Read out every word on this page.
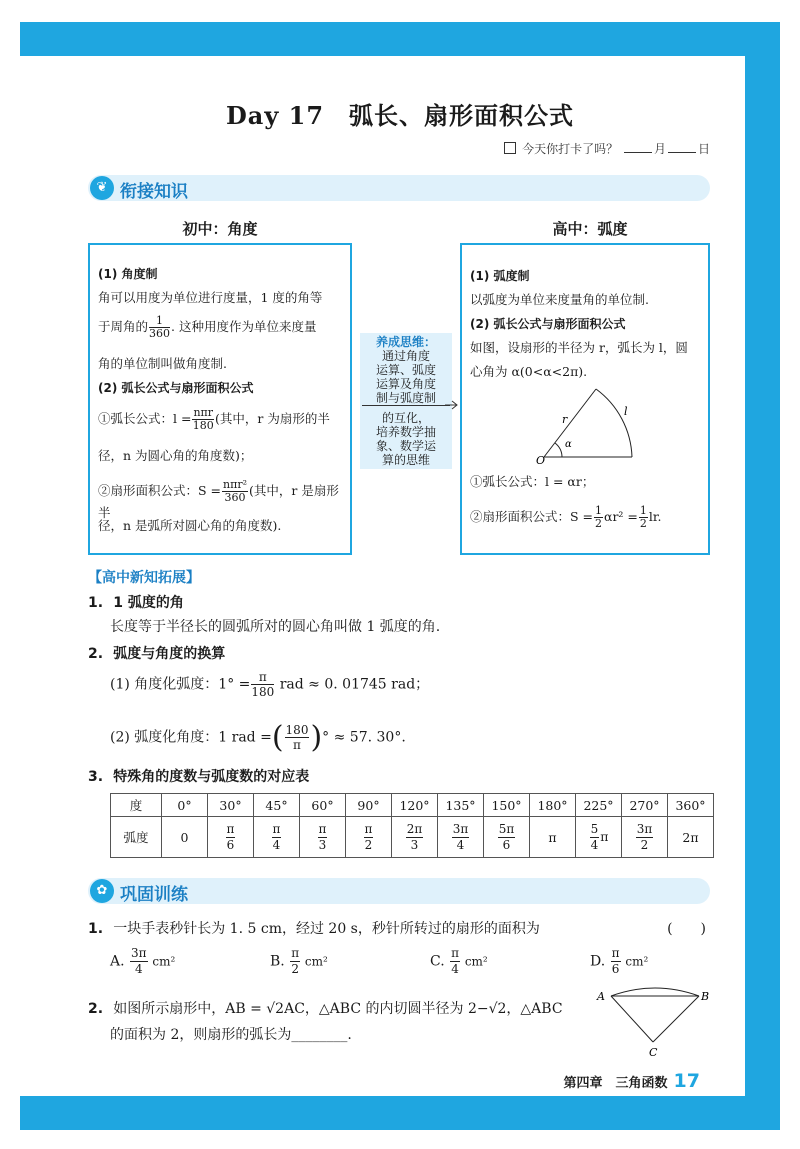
Day 17　弧长、扇形面积公式
今天你打卡了吗？	月	日
❦ 衔接知识
初中：角度	高中：弧度
(1) 角度制
角可以用度为单位进行度量，1 度的角等
于周角的 $\frac{1}{360}$ . 这种用度作为单位来度量
角的单位制叫做角度制.
(2) 弧长公式与扇形面积公式
①弧长公式：$l = \frac{\text{nπr}}{180}$ (其中，r 为扇形的半
径，n 为圆心角的角度数)；
②扇形面积公式：$S = \frac{\text{nπr²}}{360}$ (其中，r 是扇形半
径，n 是弧所对圆心角的角度数).
养成思维：
通过角度
运算、弧度
运算及角度
制与弧度制
的互化，
培养数学抽
象、数学运
算的思维
(1) 弧度制
以弧度为单位来度量角的单位制.
(2) 弧长公式与扇形面积公式
如图，设扇形的半径为 r，弧长为 l，圆
心角为 α(0<α<2π).
O
r
l
α
①弧长公式：l = αr；
②扇形面积公式：$S = \frac{1}{2} \alpha r^2 = \frac{1}{2}$ lr.
【高中新知拓展】
1. 1 弧度的角
长度等于半径长的圆弧所对的圆心角叫做 1 弧度的角.
2. 弧度与角度的换算
(1) 角度化弧度：$1^\circ = \frac{\pi}{180}$ rad ≈ 0. 01745 rad；
(2) 弧度化角度：1 rad =( $\frac{180}{\pi}$ )° ≈ 57. 30°.
3. 特殊角的度数与弧度数的对应表
度	0°	30°	45°	60°	90°	120°	135°	150°	180°	225°	270°	360°
弧度	0	$\frac{\pi}{6}$	$\frac{\pi}{4}$	$\frac{\pi}{3}$	$\frac{\pi}{2}$	$\frac{2\pi}{3}$	$\frac{3\pi}{4}$	$\frac{5\pi}{6}$	π	$\frac{5}{4}$ π	$\frac{3\pi}{2}$	2π
✿ 巩固训练
1. 一块手表秒针长为 1. 5 cm，经过 20 s，秒针所转过的扇形的面积为	(　　)
A. $\frac{3\pi}{4} cm^2$	B. $\frac{\pi}{2} cm^2$	C. $\frac{\pi}{4} cm^2$	D. $\frac{\pi}{6} cm^2$
2. 如图所示扇形中，AB = √2AC，△ABC 的内切圆半径为 2−√2，△ABC
的面积为 2，则扇形的弧长为________.
A	B
C
第四章　三角函数 17
